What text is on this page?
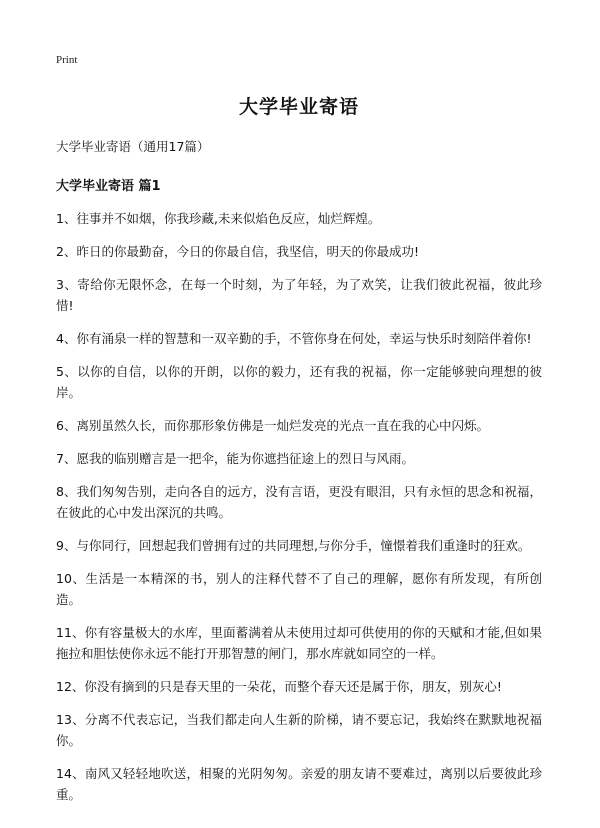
Print
大学毕业寄语
大学毕业寄语（通用17篇）
大学毕业寄语 篇1

1、往事并不如烟，你我珍藏,未来似焰色反应，灿烂辉煌。

2、昨日的你最勤奋，今日的你最自信，我坚信，明天的你最成功!

3、寄给你无限怀念，在每一个时刻，为了年轻，为了欢笑，让我们彼此祝福，彼此珍惜!

4、你有涌泉一样的智慧和一双辛勤的手，不管你身在何处，幸运与快乐时刻陪伴着你!

5、以你的自信，以你的开朗，以你的毅力，还有我的祝福，你一定能够驶向理想的彼岸。

6、离别虽然久长，而你那形象仿佛是一灿烂发亮的光点一直在我的心中闪烁。

7、愿我的临别赠言是一把伞，能为你遮挡征途上的烈日与风雨。

8、我们匆匆告别，走向各自的远方，没有言语，更没有眼泪，只有永恒的思念和祝福，在彼此的心中发出深沉的共鸣。

9、与你同行，回想起我们曾拥有过的共同理想,与你分手，憧憬着我们重逢时的狂欢。

10、生活是一本精深的书，别人的注释代替不了自己的理解，愿你有所发现，有所创造。

11、你有容量极大的水库，里面蓄满着从未使用过却可供使用的你的天赋和才能,但如果拖拉和胆怯使你永远不能打开那智慧的闸门，那水库就如同空的一样。

12、你没有摘到的只是春天里的一朵花，而整个春天还是属于你，朋友，别灰心!

13、分离不代表忘记，当我们都走向人生新的阶梯，请不要忘记，我始终在默默地祝福你。

14、南风又轻轻地吹送，相聚的光阴匆匆。亲爱的朋友请不要难过，离别以后要彼此珍重。
